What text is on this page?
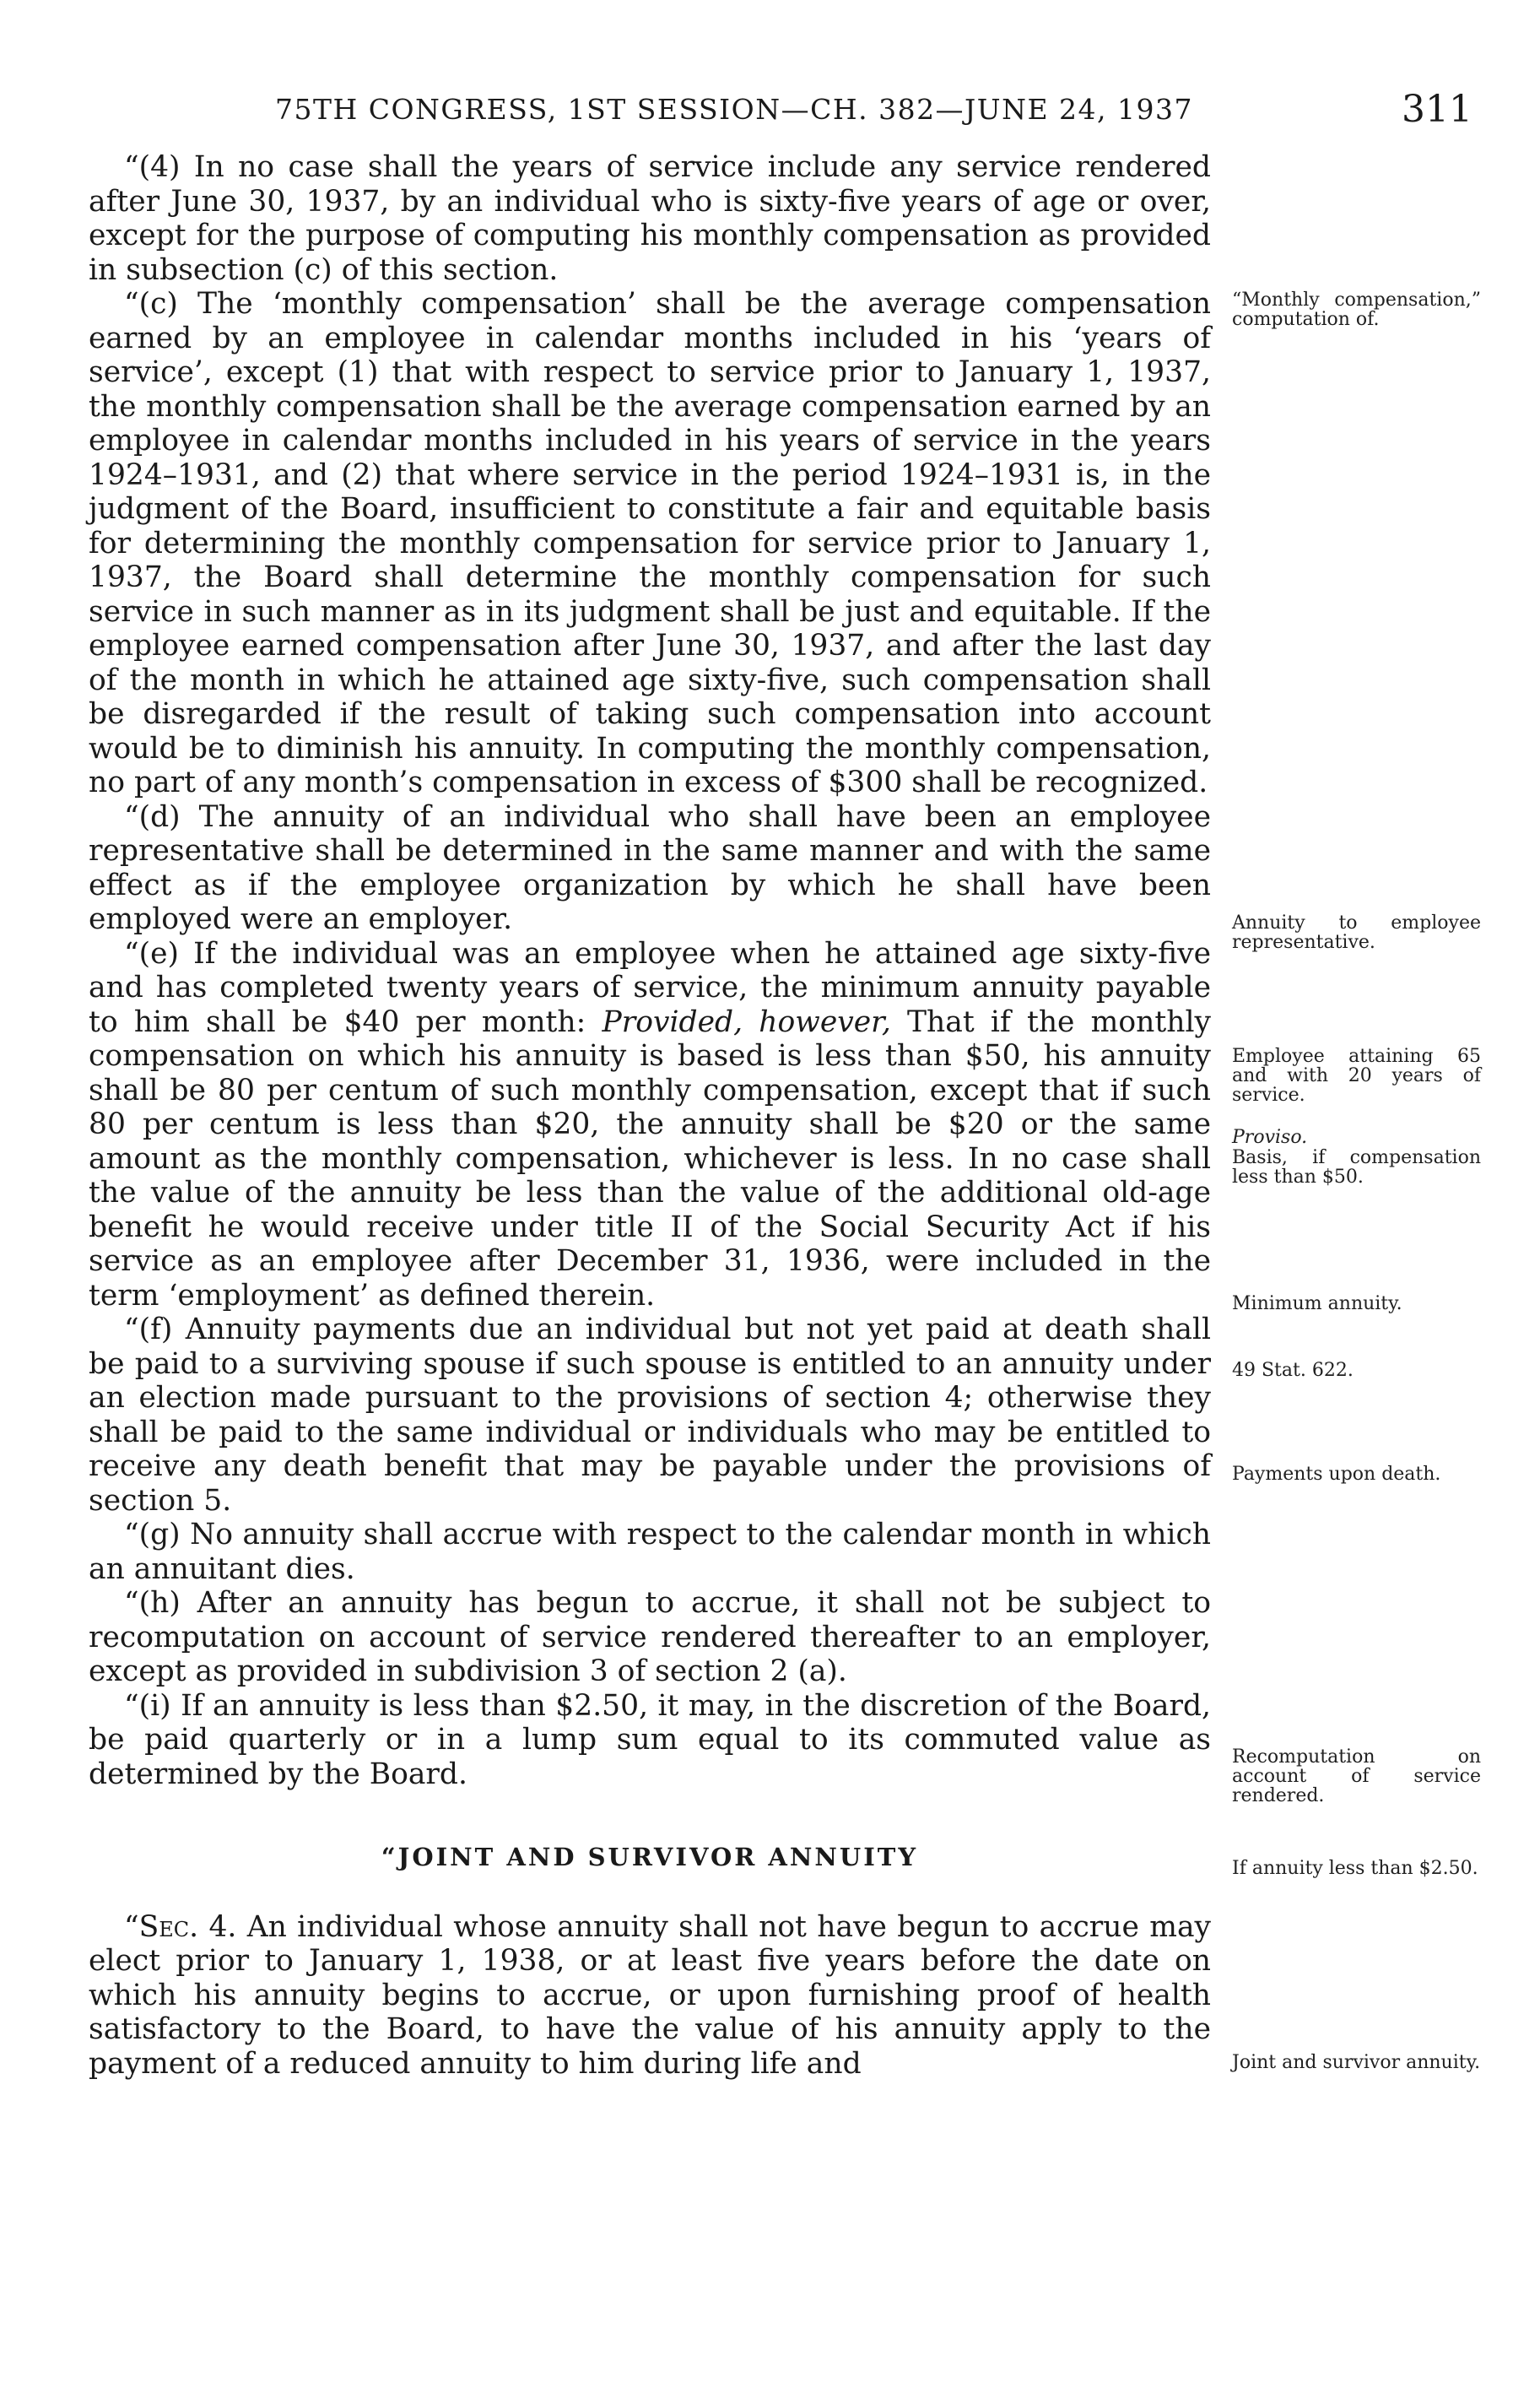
75TH CONGRESS, 1ST SESSION—CH. 382—JUNE 24, 1937	311

“(4) In no case shall the years of service include any service rendered after June 30, 1937, by an individual who is sixty-five years of age or over, except for the purpose of computing his monthly compensation as provided in subsection (c) of this section.

“(c) The ‘monthly compensation’ shall be the average compensation earned by an employee in calendar months included in his ‘years of service’, except (1) that with respect to service prior to January 1, 1937, the monthly compensation shall be the average compensation earned by an employee in calendar months included in his years of service in the years 1924–1931, and (2) that where service in the period 1924–1931 is, in the judgment of the Board, insufficient to constitute a fair and equitable basis for determining the monthly compensation for service prior to January 1, 1937, the Board shall determine the monthly compensation for such service in such manner as in its judgment shall be just and equitable. If the employee earned compensation after June 30, 1937, and after the last day of the month in which he attained age sixty-five, such compensation shall be disregarded if the result of taking such compensation into account would be to diminish his annuity. In computing the monthly compensation, no part of any month’s compensation in excess of $300 shall be recognized.

“(d) The annuity of an individual who shall have been an employee representative shall be determined in the same manner and with the same effect as if the employee organization by which he shall have been employed were an employer.

“(e) If the individual was an employee when he attained age sixty-five and has completed twenty years of service, the minimum annuity payable to him shall be $40 per month: Provided, however, That if the monthly compensation on which his annuity is based is less than $50, his annuity shall be 80 per centum of such monthly compensation, except that if such 80 per centum is less than $20, the annuity shall be $20 or the same amount as the monthly compensation, whichever is less. In no case shall the value of the annuity be less than the value of the additional old-age benefit he would receive under title II of the Social Security Act if his service as an employee after December 31, 1936, were included in the term ‘employment’ as defined therein.

“(f) Annuity payments due an individual but not yet paid at death shall be paid to a surviving spouse if such spouse is entitled to an annuity under an election made pursuant to the provisions of section 4; otherwise they shall be paid to the same individual or individuals who may be entitled to receive any death benefit that may be payable under the provisions of section 5.

“(g) No annuity shall accrue with respect to the calendar month in which an annuitant dies.

“(h) After an annuity has begun to accrue, it shall not be subject to recomputation on account of service rendered thereafter to an employer, except as provided in subdivision 3 of section 2 (a).

“(i) If an annuity is less than $2.50, it may, in the discretion of the Board, be paid quarterly or in a lump sum equal to its commuted value as determined by the Board.

“JOINT AND SURVIVOR ANNUITY

“Sec. 4. An individual whose annuity shall not have begun to accrue may elect prior to January 1, 1938, or at least five years before the date on which his annuity begins to accrue, or upon furnishing proof of health satisfactory to the Board, to have the value of his annuity apply to the payment of a reduced annuity to him during life and

“Monthly compensation,” computation of.
Annuity to employee representative.
Employee attaining 65 and with 20 years of service.
Proviso.
Basis, if compensation less than $50.
Minimum annuity.
49 Stat. 622.
Payments upon death.
Recomputation on account of service rendered.
If annuity less than $2.50.
Joint and survivor annuity.
